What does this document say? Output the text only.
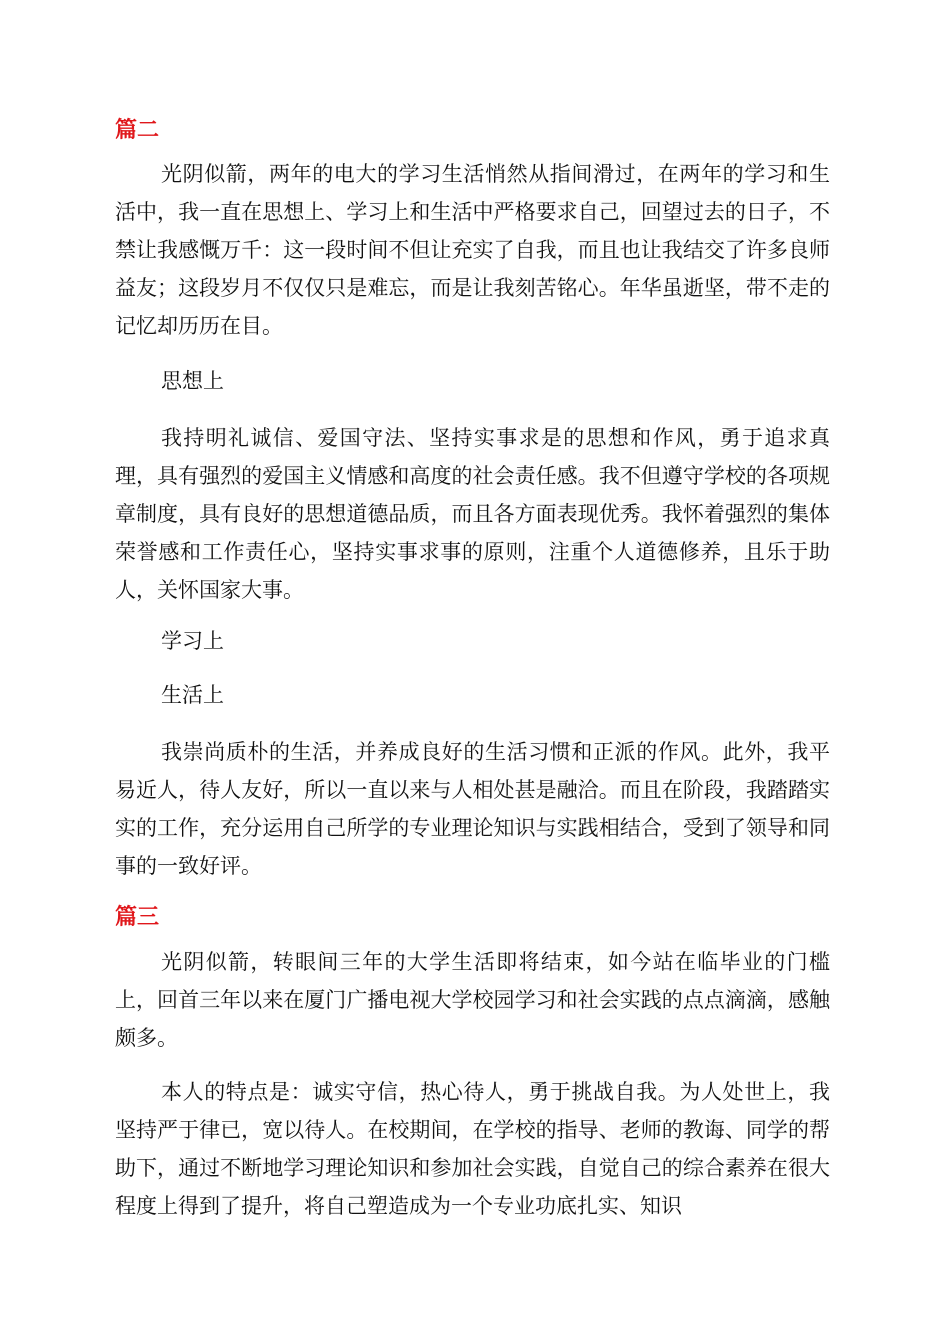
篇二

光阴似箭，两年的电大的学习生活悄然从指间滑过，在两年的学习和生活中，我一直在思想上、学习上和生活中严格要求自己，回望过去的日子，不禁让我感慨万千：这一段时间不但让充实了自我，而且也让我结交了许多良师益友；这段岁月不仅仅只是难忘，而是让我刻苦铭心。年华虽逝坚，带不走的记忆却历历在目。

思想上

我持明礼诚信、爱国守法、坚持实事求是的思想和作风，勇于追求真理，具有强烈的爱国主义情感和高度的社会责任感。我不但遵守学校的各项规章制度，具有良好的思想道德品质，而且各方面表现优秀。我怀着强烈的集体荣誉感和工作责任心，坚持实事求事的原则，注重个人道德修养，且乐于助人，关怀国家大事。

学习上
生活上

我崇尚质朴的生活，并养成良好的生活习惯和正派的作风。此外，我平易近人，待人友好，所以一直以来与人相处甚是融洽。而且在阶段，我踏踏实实的工作，充分运用自己所学的专业理论知识与实践相结合，受到了领导和同事的一致好评。

篇三

光阴似箭，转眼间三年的大学生活即将结束，如今站在临毕业的门槛上，回首三年以来在厦门广播电视大学校园学习和社会实践的点点滴滴，感触颇多。

本人的特点是：诚实守信，热心待人，勇于挑战自我。为人处世上，我坚持严于律已，宽以待人。在校期间，在学校的指导、老师的教诲、同学的帮助下，通过不断地学习理论知识和参加社会实践，自觉自己的综合素养在很大程度上得到了提升，将自己塑造成为一个专业功底扎实、知识
